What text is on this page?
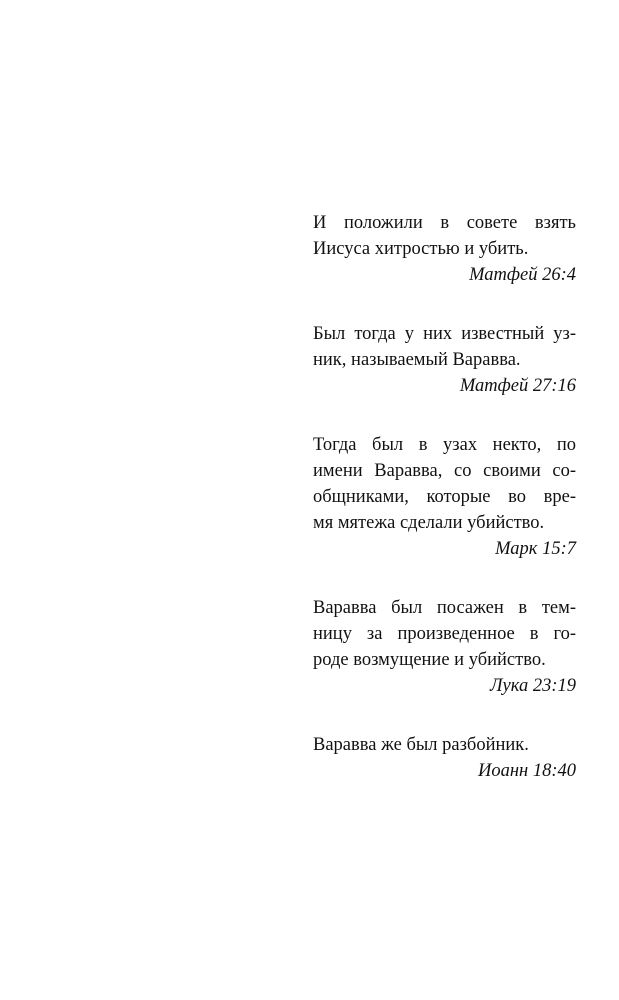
И положили в совете взять
Иисуса хитростью и убить.
Матфей 26:4
Был тогда у них известный уз-
ник, называемый Варавва.
Матфей 27:16
Тогда был в узах некто, по
имени Варавва, со своими со-
общниками, которые во вре-
мя мятежа сделали убийство.
Марк 15:7
Варавва был посажен в тем-
ницу за произведенное в го-
роде возмущение и убийство.
Лука 23:19
Варавва же был разбойник.
Иоанн 18:40
